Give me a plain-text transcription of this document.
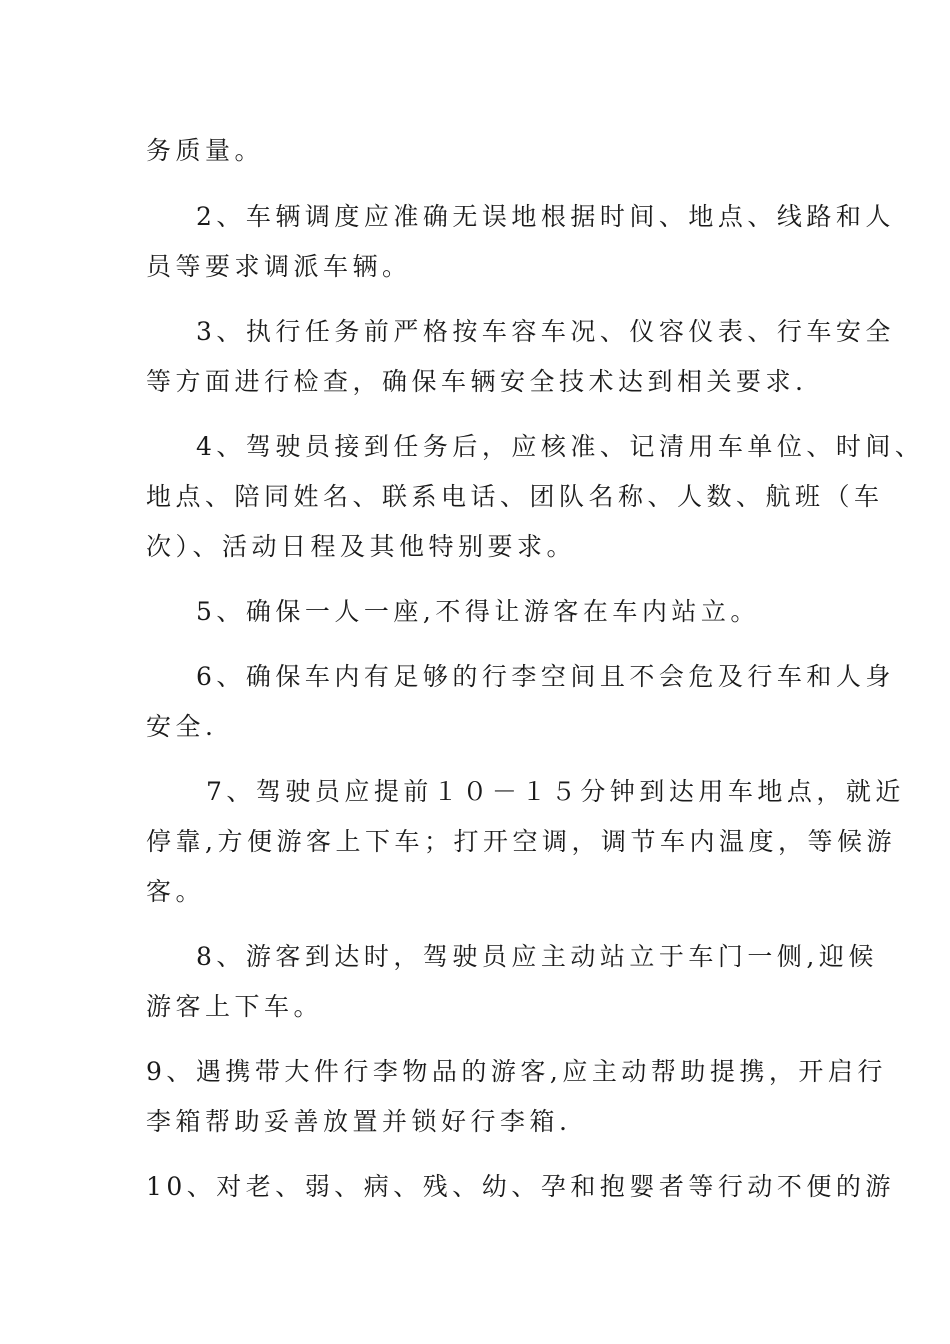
务质量。
2、车辆调度应准确无误地根据时间、地点、线路和人
员等要求调派车辆。
3、执行任务前严格按车容车况、仪容仪表、行车安全
等方面进行检查，确保车辆安全技术达到相关要求.
4、驾驶员接到任务后，应核准、记清用车单位、时间、
地点、陪同姓名、联系电话、团队名称、人数、航班（车
次）、活动日程及其他特别要求。
5、确保一人一座,不得让游客在车内站立。
6、确保车内有足够的行李空间且不会危及行车和人身
安全.
7、驾驶员应提前１０－１５分钟到达用车地点，就近
停靠,方便游客上下车；打开空调，调节车内温度，等候游
客。
8、游客到达时，驾驶员应主动站立于车门一侧,迎候
游客上下车。
9、遇携带大件行李物品的游客,应主动帮助提携，开启行
李箱帮助妥善放置并锁好行李箱.
10、对老、弱、病、残、幼、孕和抱婴者等行动不便的游
